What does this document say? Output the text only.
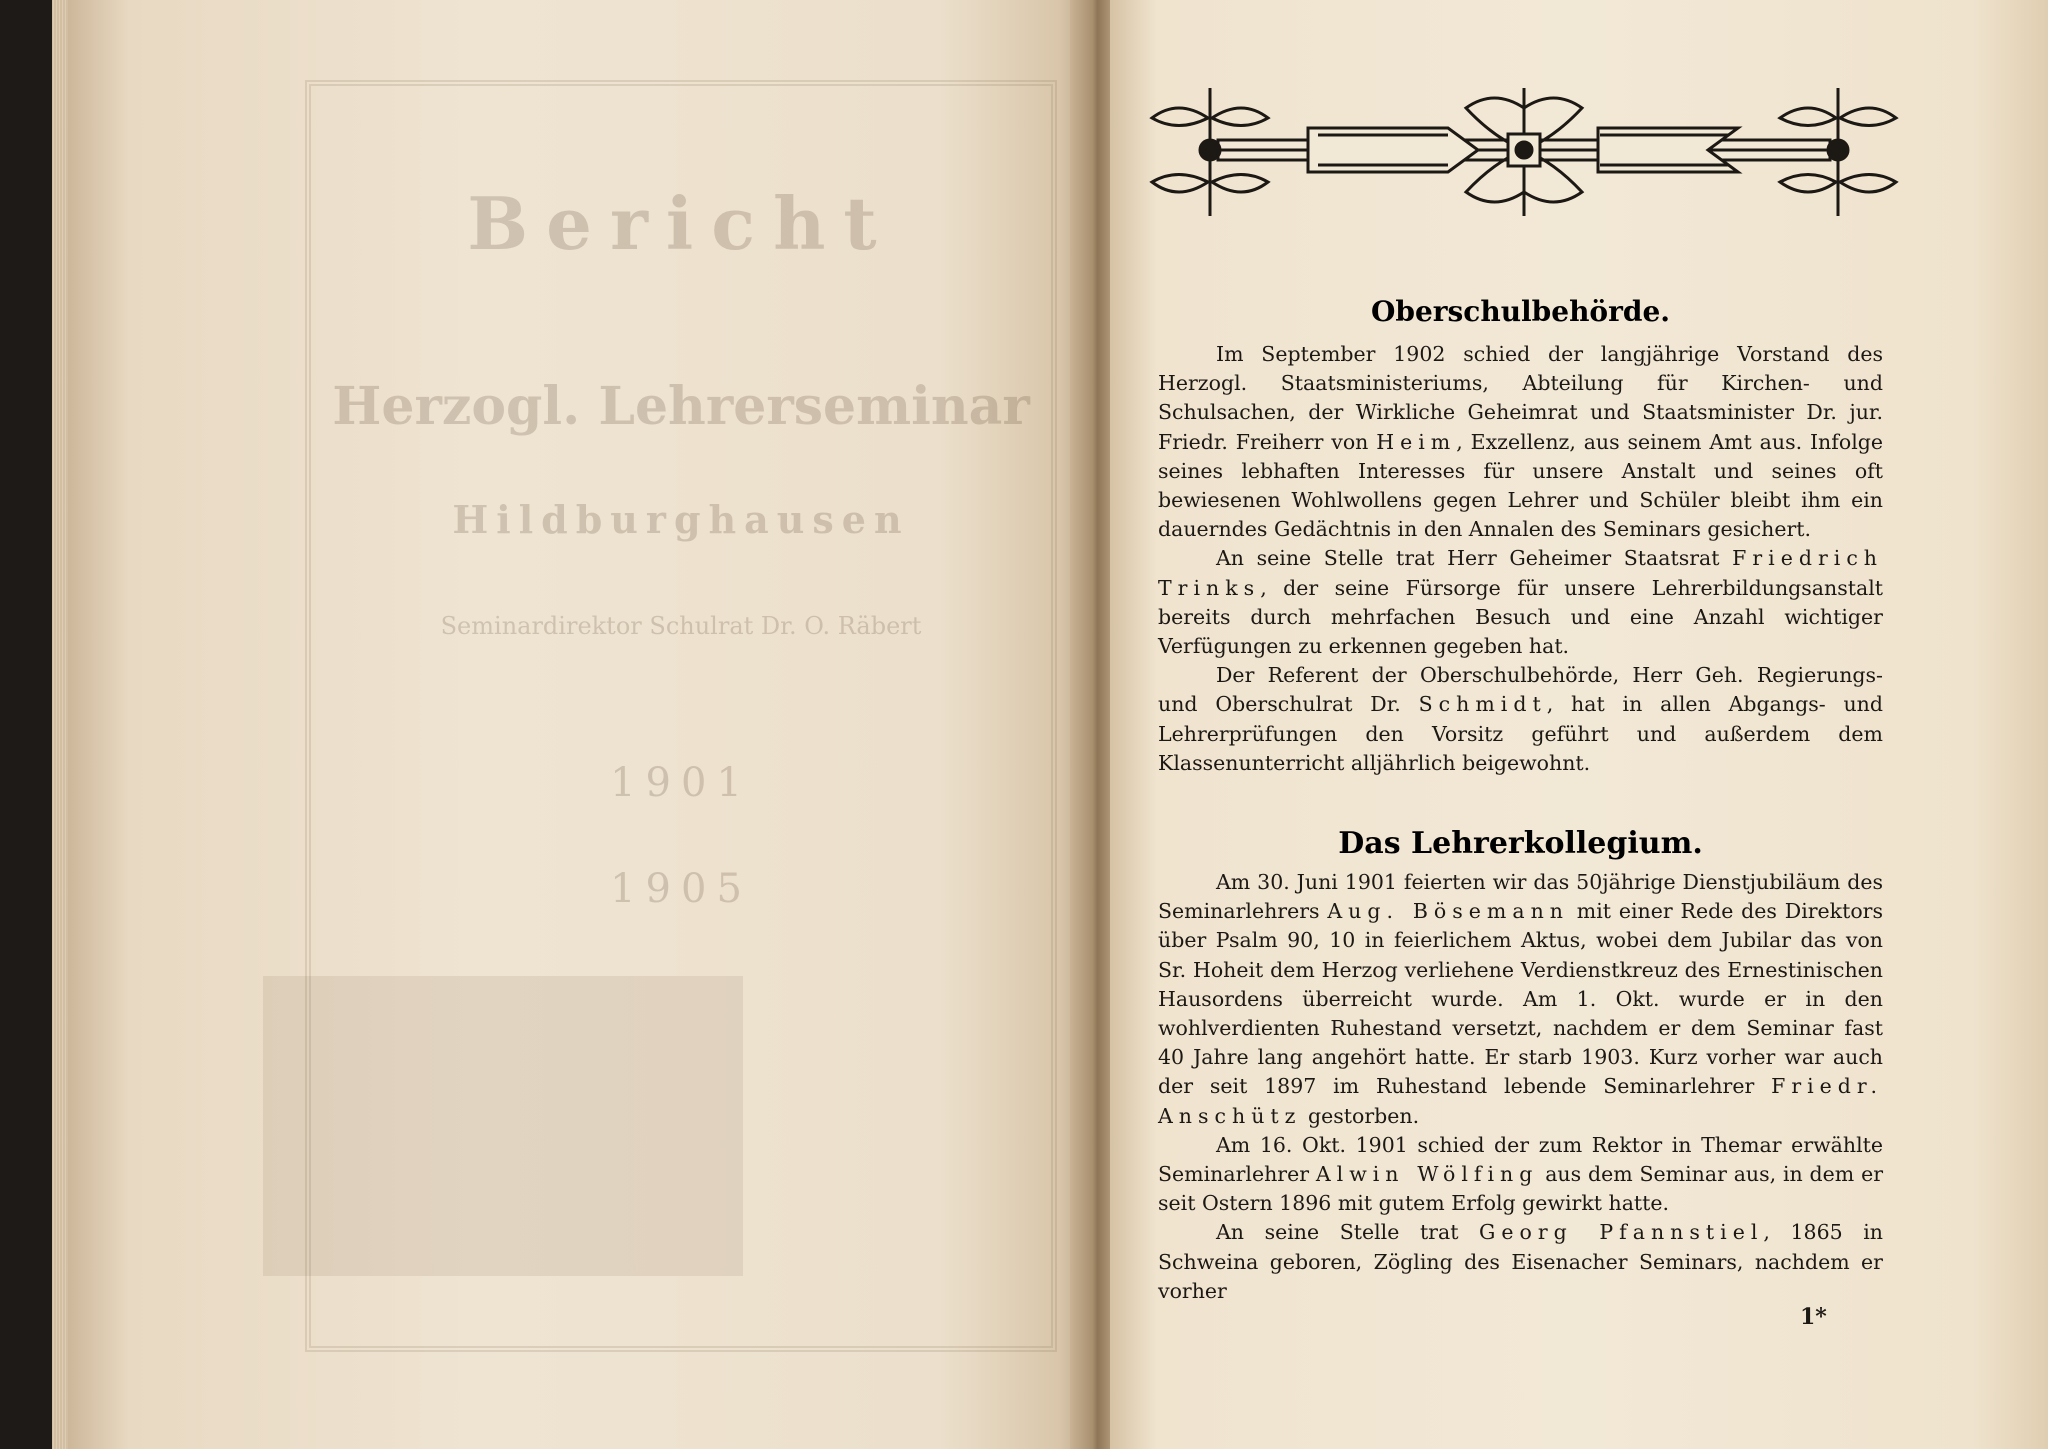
Bericht
Herzogl. Lehrerseminar
Hildburghausen
Seminardirektor Schulrat Dr. O. Räbert
1901
1905
Oberschulbehörde.

Im September 1902 schied der langjährige Vorstand des Herzogl. Staatsministeriums, Abteilung für Kirchen- und Schulsachen, der Wirkliche Geheimrat und Staatsminister Dr. jur. Friedr. Freiherr von Heim, Exzellenz, aus seinem Amt aus. Infolge seines lebhaften Interesses für unsere Anstalt und seines oft bewiesenen Wohlwollens gegen Lehrer und Schüler bleibt ihm ein dauerndes Gedächtnis in den Annalen des Seminars gesichert.

An seine Stelle trat Herr Geheimer Staatsrat Friedrich Trinks, der seine Fürsorge für unsere Lehrerbildungsanstalt bereits durch mehrfachen Besuch und eine Anzahl wichtiger Verfügungen zu erkennen gegeben hat.

Der Referent der Oberschulbehörde, Herr Geh. Regierungs- und Oberschulrat Dr. Schmidt, hat in allen Abgangs- und Lehrerprüfungen den Vorsitz geführt und außerdem dem Klassenunterricht alljährlich beigewohnt.

Das Lehrerkollegium.

Am 30. Juni 1901 feierten wir das 50jährige Dienstjubiläum des Seminarlehrers Aug. Bösemann mit einer Rede des Direktors über Psalm 90, 10 in feierlichem Aktus, wobei dem Jubilar das von Sr. Hoheit dem Herzog verliehene Verdienstkreuz des Ernestinischen Hausordens überreicht wurde. Am 1. Okt. wurde er in den wohlverdienten Ruhestand versetzt, nachdem er dem Seminar fast 40 Jahre lang angehört hatte. Er starb 1903. Kurz vorher war auch der seit 1897 im Ruhestand lebende Seminarlehrer Friedr. Anschütz gestorben.

Am 16. Okt. 1901 schied der zum Rektor in Themar erwählte Seminarlehrer Alwin Wölfing aus dem Seminar aus, in dem er seit Ostern 1896 mit gutem Erfolg gewirkt hatte.

An seine Stelle trat Georg Pfannstiel, 1865 in Schweina geboren, Zögling des Eisenacher Seminars, nachdem er vorher

1*
